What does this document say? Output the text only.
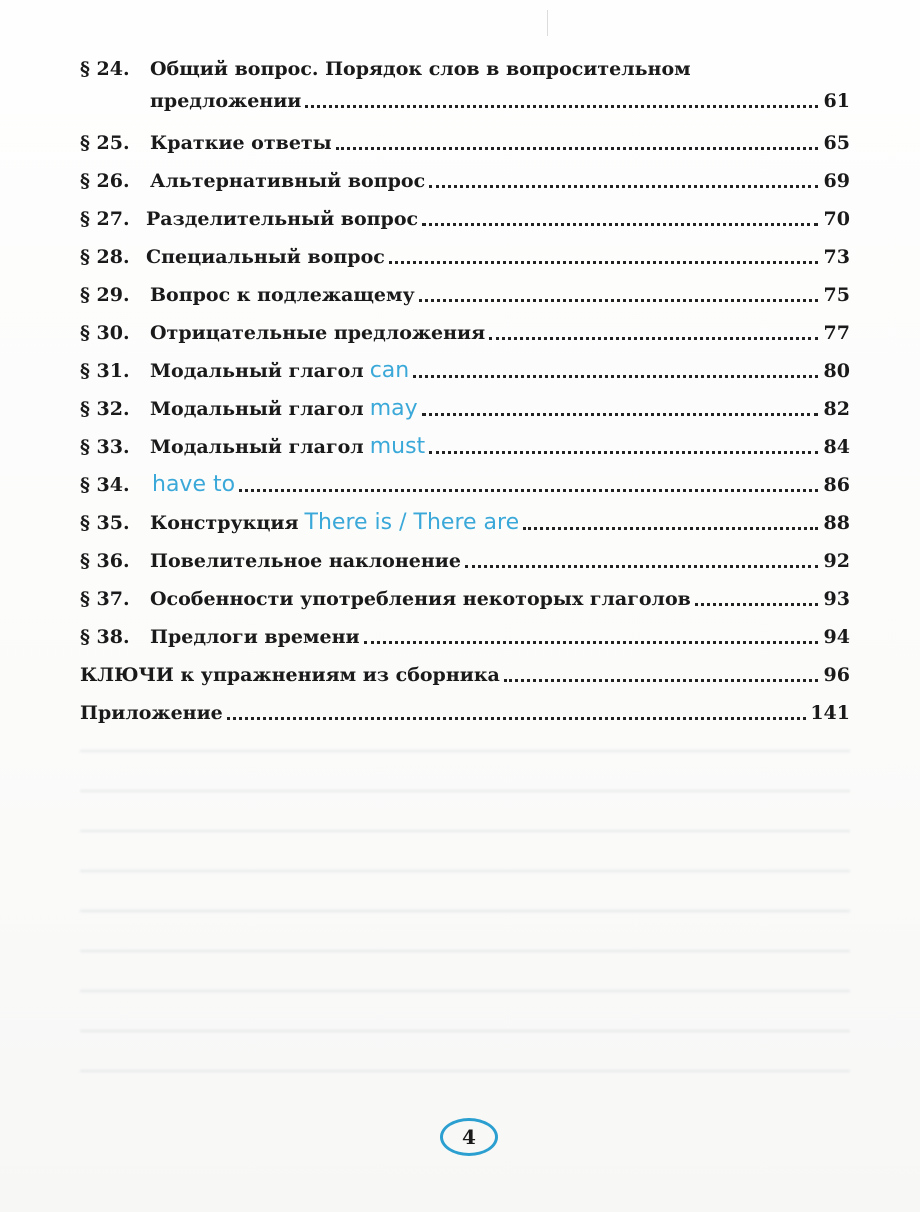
§ 24.	Общий вопрос. Порядок слов в вопросительном
предложении	61
§ 25.	Краткие ответы	65
§ 26.	Альтернативный вопрос	69
§ 27. Разделительный вопрос	70
§ 28. Специальный вопрос	73
§ 29.	Вопрос к подлежащему	75
§ 30.	Отрицательные предложения	77
§ 31.	Модальный глагол can	80
§ 32.	Модальный глагол may	82
§ 33.	Модальный глагол must	84
§ 34.	have to	86
§ 35.	Конструкция There is / There are	88
§ 36.	Повелительное наклонение	92
§ 37.	Особенности употребления некоторых глаголов	93
§ 38.	Предлоги времени	94
КЛЮЧИ к упражнениям из сборника	96
Приложение	141
4
